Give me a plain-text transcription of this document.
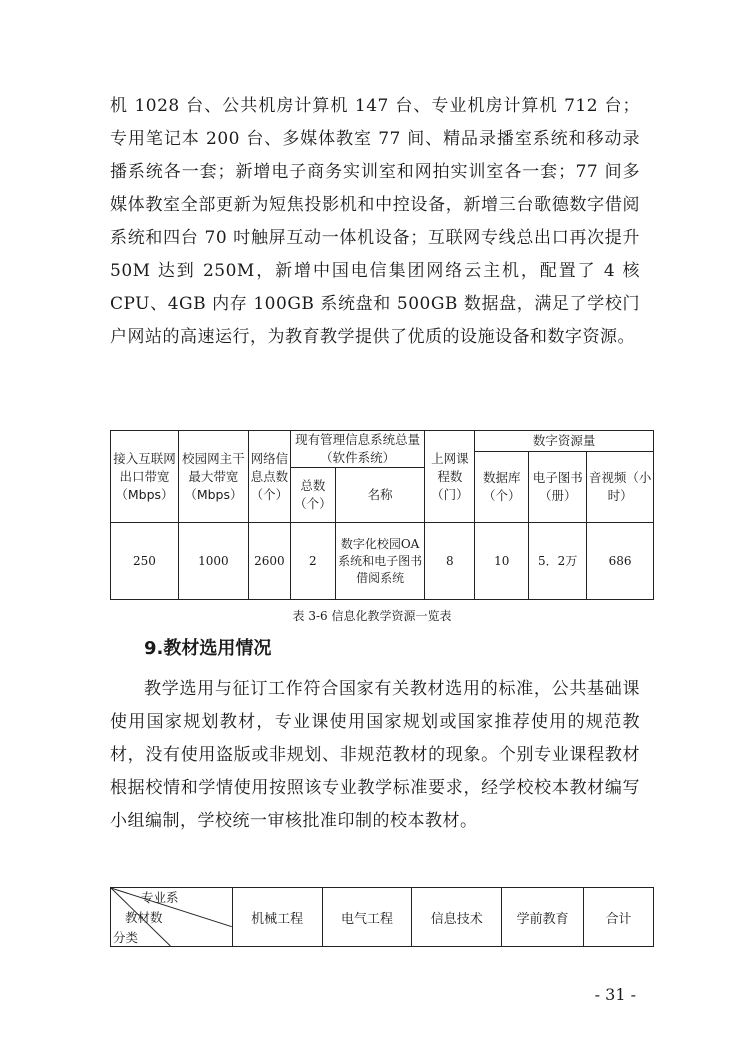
机 1028 台、公共机房计算机 147 台、专业机房计算机 712 台；专用笔记本 200 台、多媒体教室 77 间、精品录播室系统和移动录播系统各一套；新增电子商务实训室和网拍实训室各一套；77 间多媒体教室全部更新为短焦投影机和中控设备，新增三台歌德数字借阅系统和四台 70 吋触屏互动一体机设备；互联网专线总出口再次提升 50M 达到 250M，新增中国电信集团网络云主机，配置了 4 核 CPU、4GB 内存 100GB 系统盘和 500GB 数据盘，满足了学校门户网站的高速运行，为教育教学提供了优质的设施设备和数字资源。

接入互联网出口带宽（Mbps）	校园网主干最大带宽（Mbps）	网络信息点数（个）	现有管理信息系统总量（软件系统）		上网课程数（门）	数字资源量		
						数据库（个）	电子图书（册）	音视频（小时）
			总数（个）	名称				
250	1000	2600	2	数字化校园OA系统和电子图书借阅系统	8	10	5．2万	686

表 3-6 信息化教学资源一览表

9.教材选用情况

教学选用与征订工作符合国家有关教材选用的标准，公共基础课使用国家规划教材，专业课使用国家规划或国家推荐使用的规范教材，没有使用盗版或非规划、非规范教材的现象。个别专业课程教材根据校情和学情使用按照该专业教学标准要求，经学校校本教材编写小组编制，学校统一审核批准印制的校本教材。

专业系
教材数
分类
	机械工程	电气工程	信息技术	学前教育	合计

- 31 -
